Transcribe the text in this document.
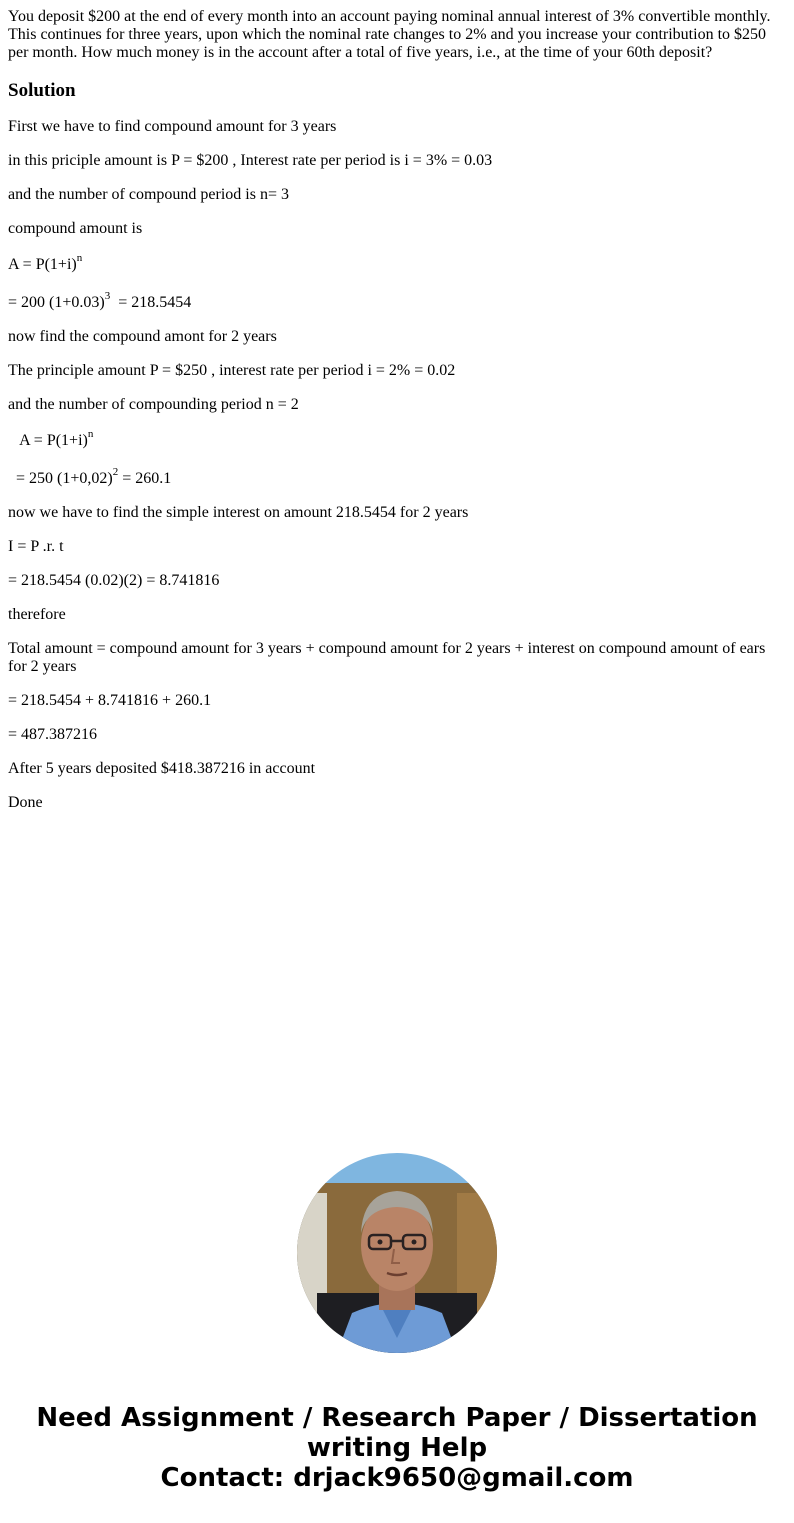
You deposit $200 at the end of every month into an account paying nominal annual interest of 3% convertible monthly. This continues for three years, upon which the nominal rate changes to 2% and you increase your contribution to $250 per month. How much money is in the account after a total of five years, i.e., at the time of your 60th deposit?

Solution

First we have to find compound amount for 3 years

in this priciple amount is P = $200 , Interest rate per period is i = 3% = 0.03

and the number of compound period is n= 3

compound amount is

$A = P(1+i)^n$

= 200 $(1+0.03)^3 = 218.5454$

now find the compound amont for 2 years

The principle amount P = $250 , interest rate per period i = 2% = 0.02

and the number of compounding period n = 2

$A = P(1+i)^n$

= 250 $(1+0,02)^2 = 260.1$

now we have to find the simple interest on amount 218.5454 for 2 years

I = P .r. t

= 218.5454 (0.02)(2) = 8.741816

therefore

Total amount = compound amount for 3 years + compound amount for 2 years + interest on compound amount of ears for 2 years

= 218.5454 + 8.741816 + 260.1

= 487.387216

After 5 years deposited $418.387216 in account

Done

Need Assignment / Research Paper / Dissertation
writing Help
Contact: drjack9650@gmail.com
